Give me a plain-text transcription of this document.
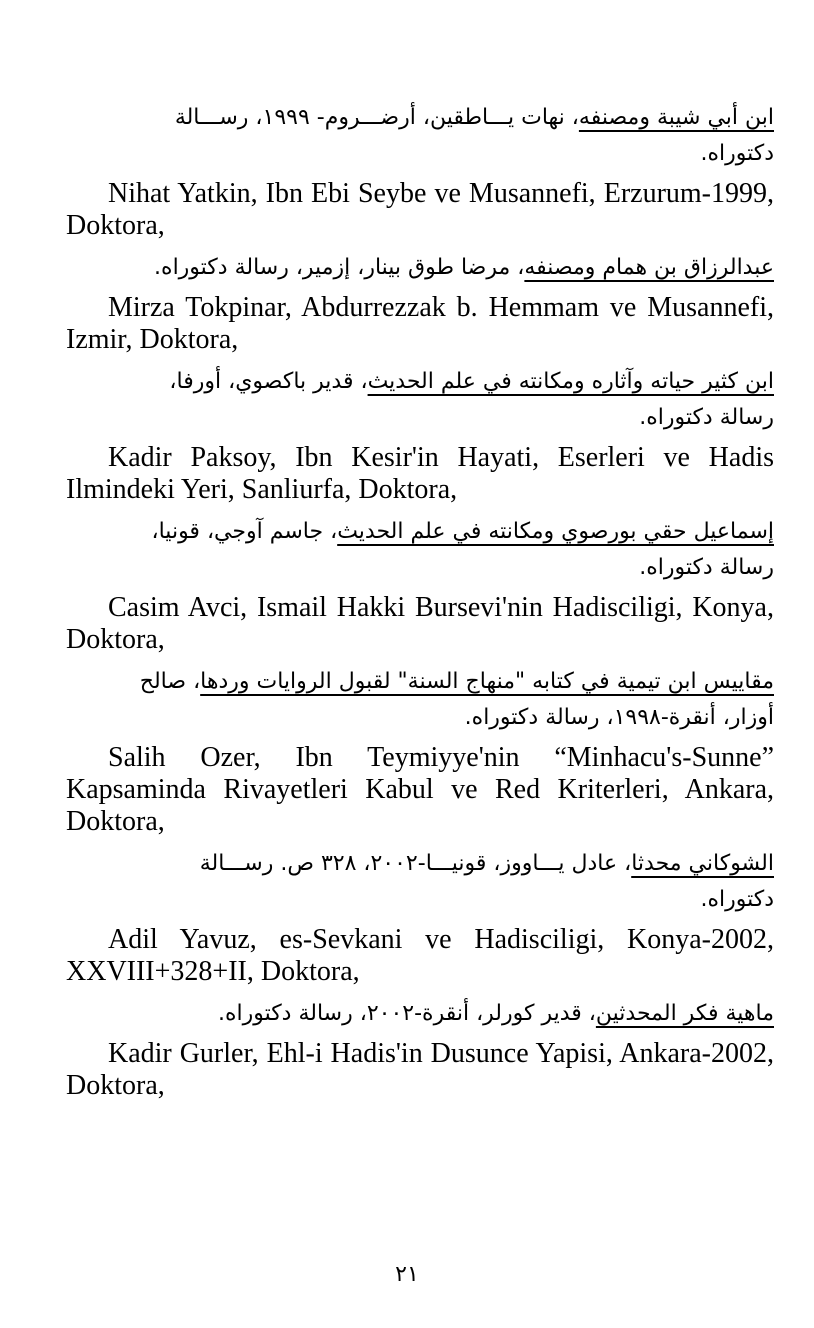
ابن أبي شيبة ومصنفه، نهات يـــاطقين، أرضـــروم- ١٩٩٩، رســـالة
دكتوراه.

Nihat Yatkin, Ibn Ebi Seybe ve Musannefi, Erzurum-1999, Doktora,

عبدالرزاق بن همام ومصنفه، مرضا طوق بينار، إزمير، رسالة دكتوراه.

Mirza Tokpinar, Abdurrezzak b. Hemmam ve Musannefi, Izmir, Doktora,

ابن كثير حياته وآثاره ومكانته في علم الحديث، قدير باكصوي، أورفا،
رسالة دكتوراه.

Kadir Paksoy, Ibn Kesir'in Hayati, Eserleri ve Hadis Ilmindeki Yeri, Sanliurfa, Doktora,

إسماعيل حقي بورصوي ومكانته في علم الحديث، جاسم آوجي، قونيا،
رسالة دكتوراه.

Casim Avci, Ismail Hakki Bursevi'nin Hadisciligi, Konya, Doktora,

مقاييس ابن تيمية في كتابه "منهاج السنة" لقبول الروايات وردها، صالح
أوزار، أنقرة-١٩٩٨، رسالة دكتوراه.

Salih Ozer, Ibn Teymiyye'nin “Minhacu's-Sunne” Kapsaminda Rivayetleri Kabul ve Red Kriterleri, Ankara, Doktora,

الشوكاني محدثا، عادل يـــاووز، قونيـــا-٢٠٠٢، ٣٢٨ ص. رســـالة
دكتوراه.

Adil Yavuz, es-Sevkani ve Hadisciligi, Konya-2002, XXVIII+328+II, Doktora,

ماهية فكر المحدثين، قدير كورلر، أنقرة-٢٠٠٢، رسالة دكتوراه.

Kadir Gurler, Ehl-i Hadis'in Dusunce Yapisi, Ankara-2002, Doktora,

٢١
